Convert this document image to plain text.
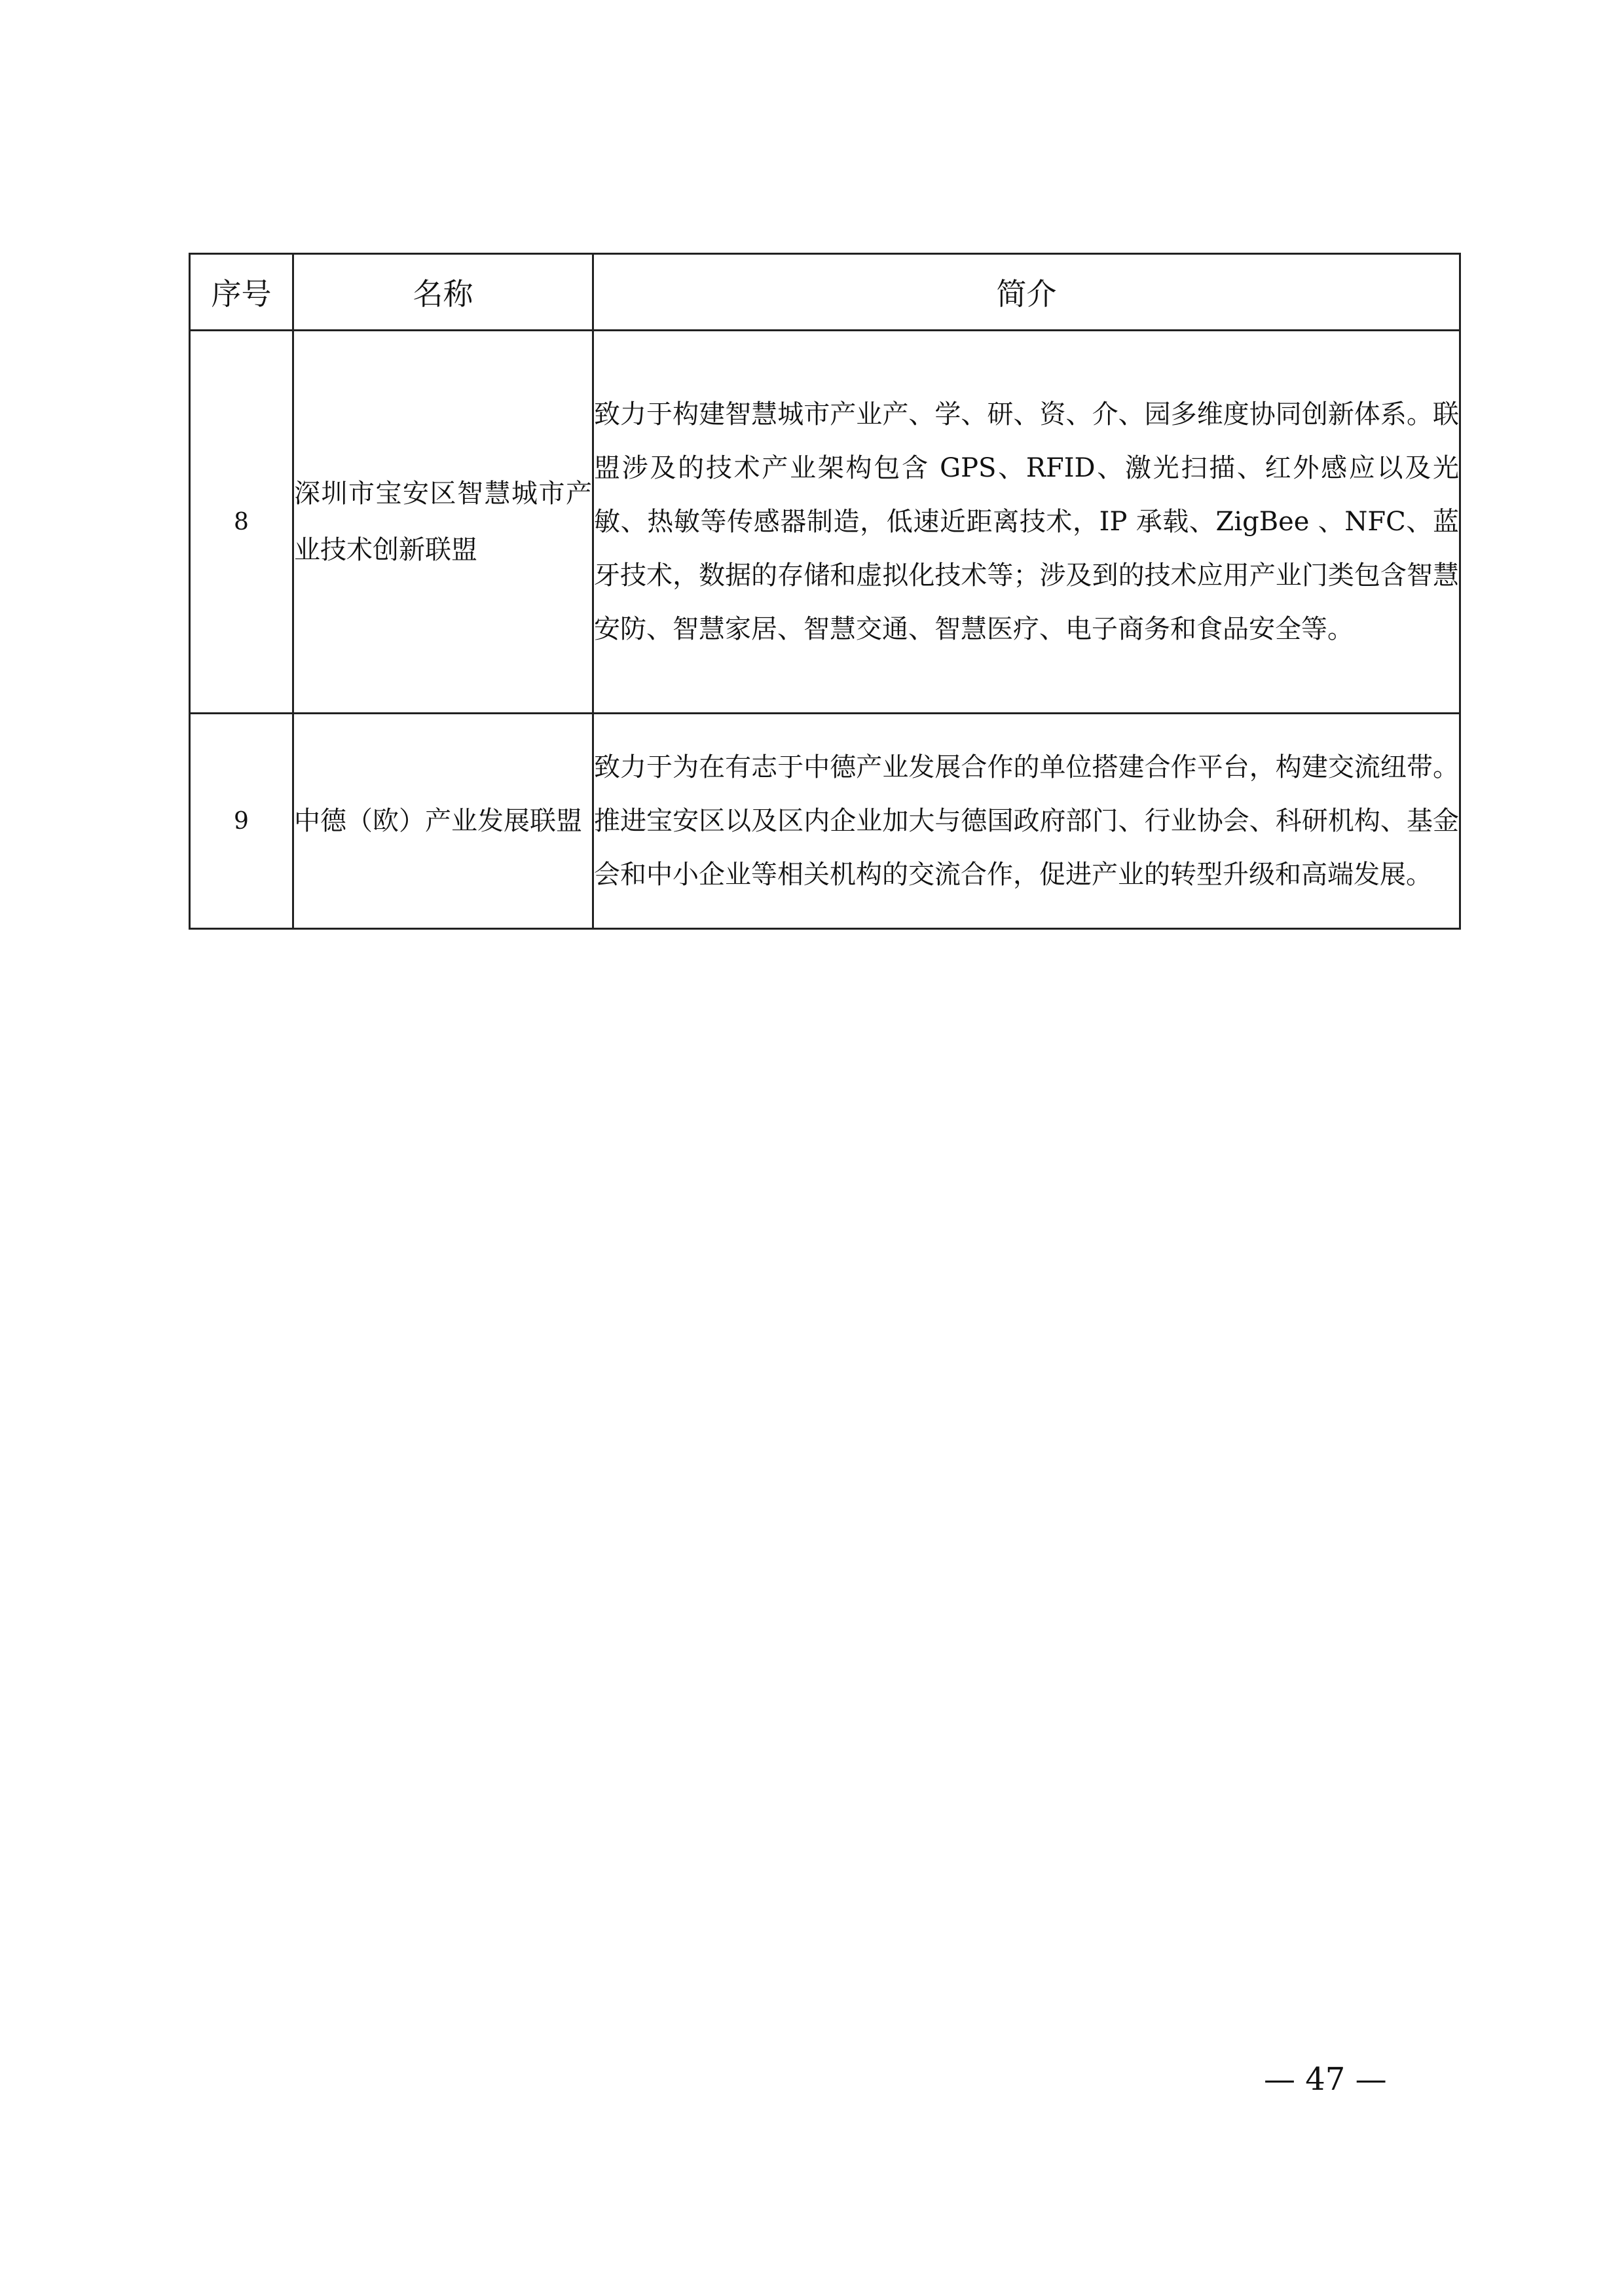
序号	名称	简介
8	深圳市宝安区智慧城市产业技术创新联盟	致力于构建智慧城市产业产、学、研、资、介、园多维度协同创新体系。联盟涉及的技术产业架构包含 GPS、RFID、激光扫描、红外感应以及光敏、热敏等传感器制造，低速近距离技术，IP 承载、ZigBee 、NFC、蓝牙技术，数据的存储和虚拟化技术等；涉及到的技术应用产业门类包含智慧安防、智慧家居、智慧交通、智慧医疗、电子商务和食品安全等。
9	中德（欧）产业发展联盟	致力于为在有志于中德产业发展合作的单位搭建合作平台，构建交流纽带。推进宝安区以及区内企业加大与德国政府部门、行业协会、科研机构、基金会和中小企业等相关机构的交流合作，促进产业的转型升级和高端发展。
— 47 —
